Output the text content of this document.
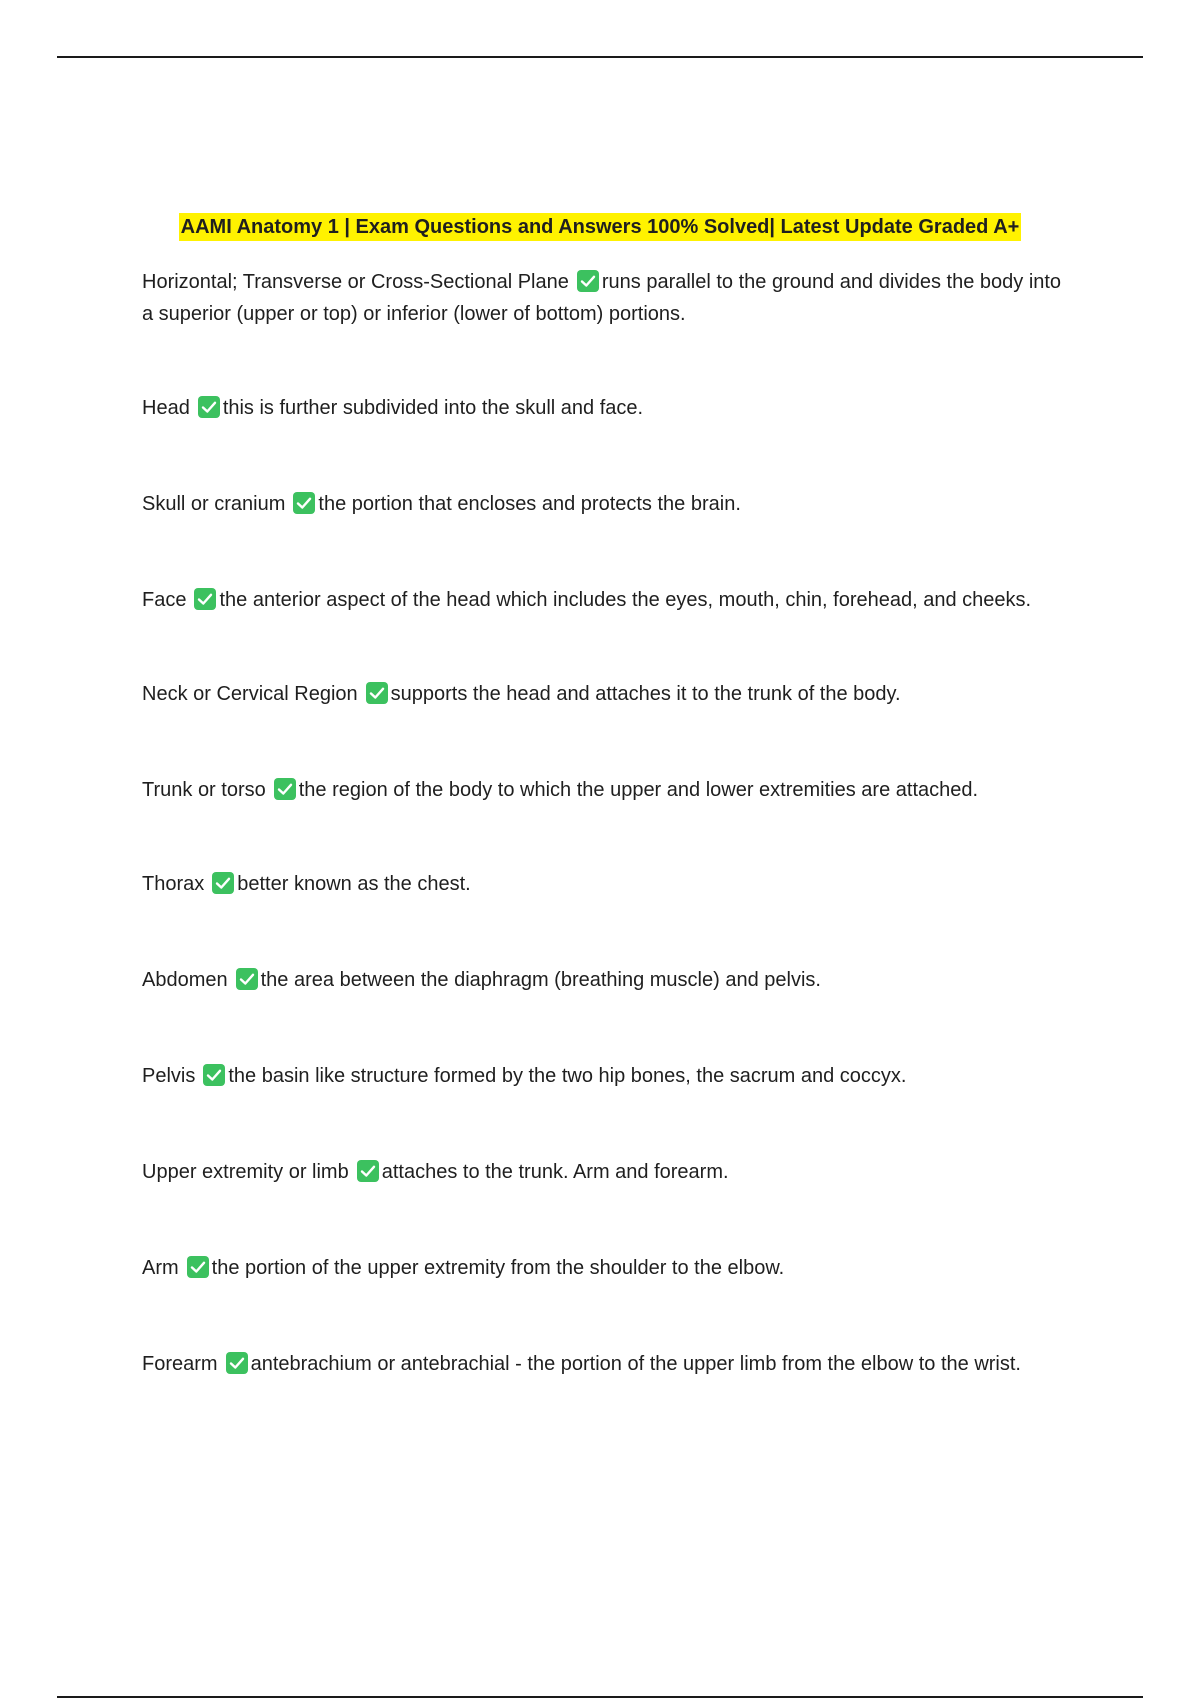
AAMI Anatomy 1 | Exam Questions and Answers 100% Solved| Latest Update Graded A+
Horizontal; Transverse or Cross-Sectional Plane runs parallel to the ground and divides the body into a superior (upper or top) or inferior (lower of bottom) portions.
Head this is further subdivided into the skull and face.
Skull or cranium the portion that encloses and protects the brain.
Face the anterior aspect of the head which includes the eyes, mouth, chin, forehead, and cheeks.
Neck or Cervical Region supports the head and attaches it to the trunk of the body.
Trunk or torso the region of the body to which the upper and lower extremities are attached.
Thorax better known as the chest.
Abdomen the area between the diaphragm (breathing muscle) and pelvis.
Pelvis the basin like structure formed by the two hip bones, the sacrum and coccyx.
Upper extremity or limb attaches to the trunk. Arm and forearm.
Arm the portion of the upper extremity from the shoulder to the elbow.
Forearm antebrachium or antebrachial - the portion of the upper limb from the elbow to the wrist.
